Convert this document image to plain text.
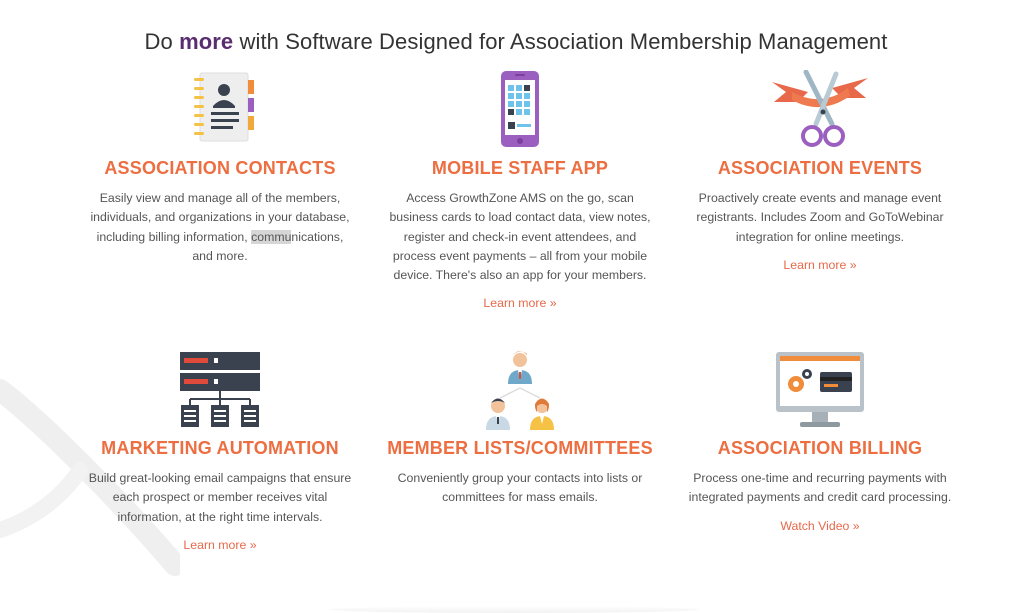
Do more with Software Designed for Association Membership Management
ASSOCIATION CONTACTS

Easily view and manage all of the members, individuals, and organizations in your database, including billing information, communications, and more.

MOBILE STAFF APP

Access GrowthZone AMS on the go, scan business cards to load contact data, view notes, register and check-in event attendees, and process event payments – all from your mobile device. There's also an app for your members.

Learn more »
ASSOCIATION EVENTS

Proactively create events and manage event registrants. Includes Zoom and GoToWebinar integration for online meetings.

Learn more »
MARKETING AUTOMATION

Build great-looking email campaigns that ensure each prospect or member receives vital information, at the right time intervals.

Learn more »
MEMBER LISTS/COMMITTEES

Conveniently group your contacts into lists or committees for mass emails.

ASSOCIATION BILLING

Process one-time and recurring payments with integrated payments and credit card processing.

Watch Video »
